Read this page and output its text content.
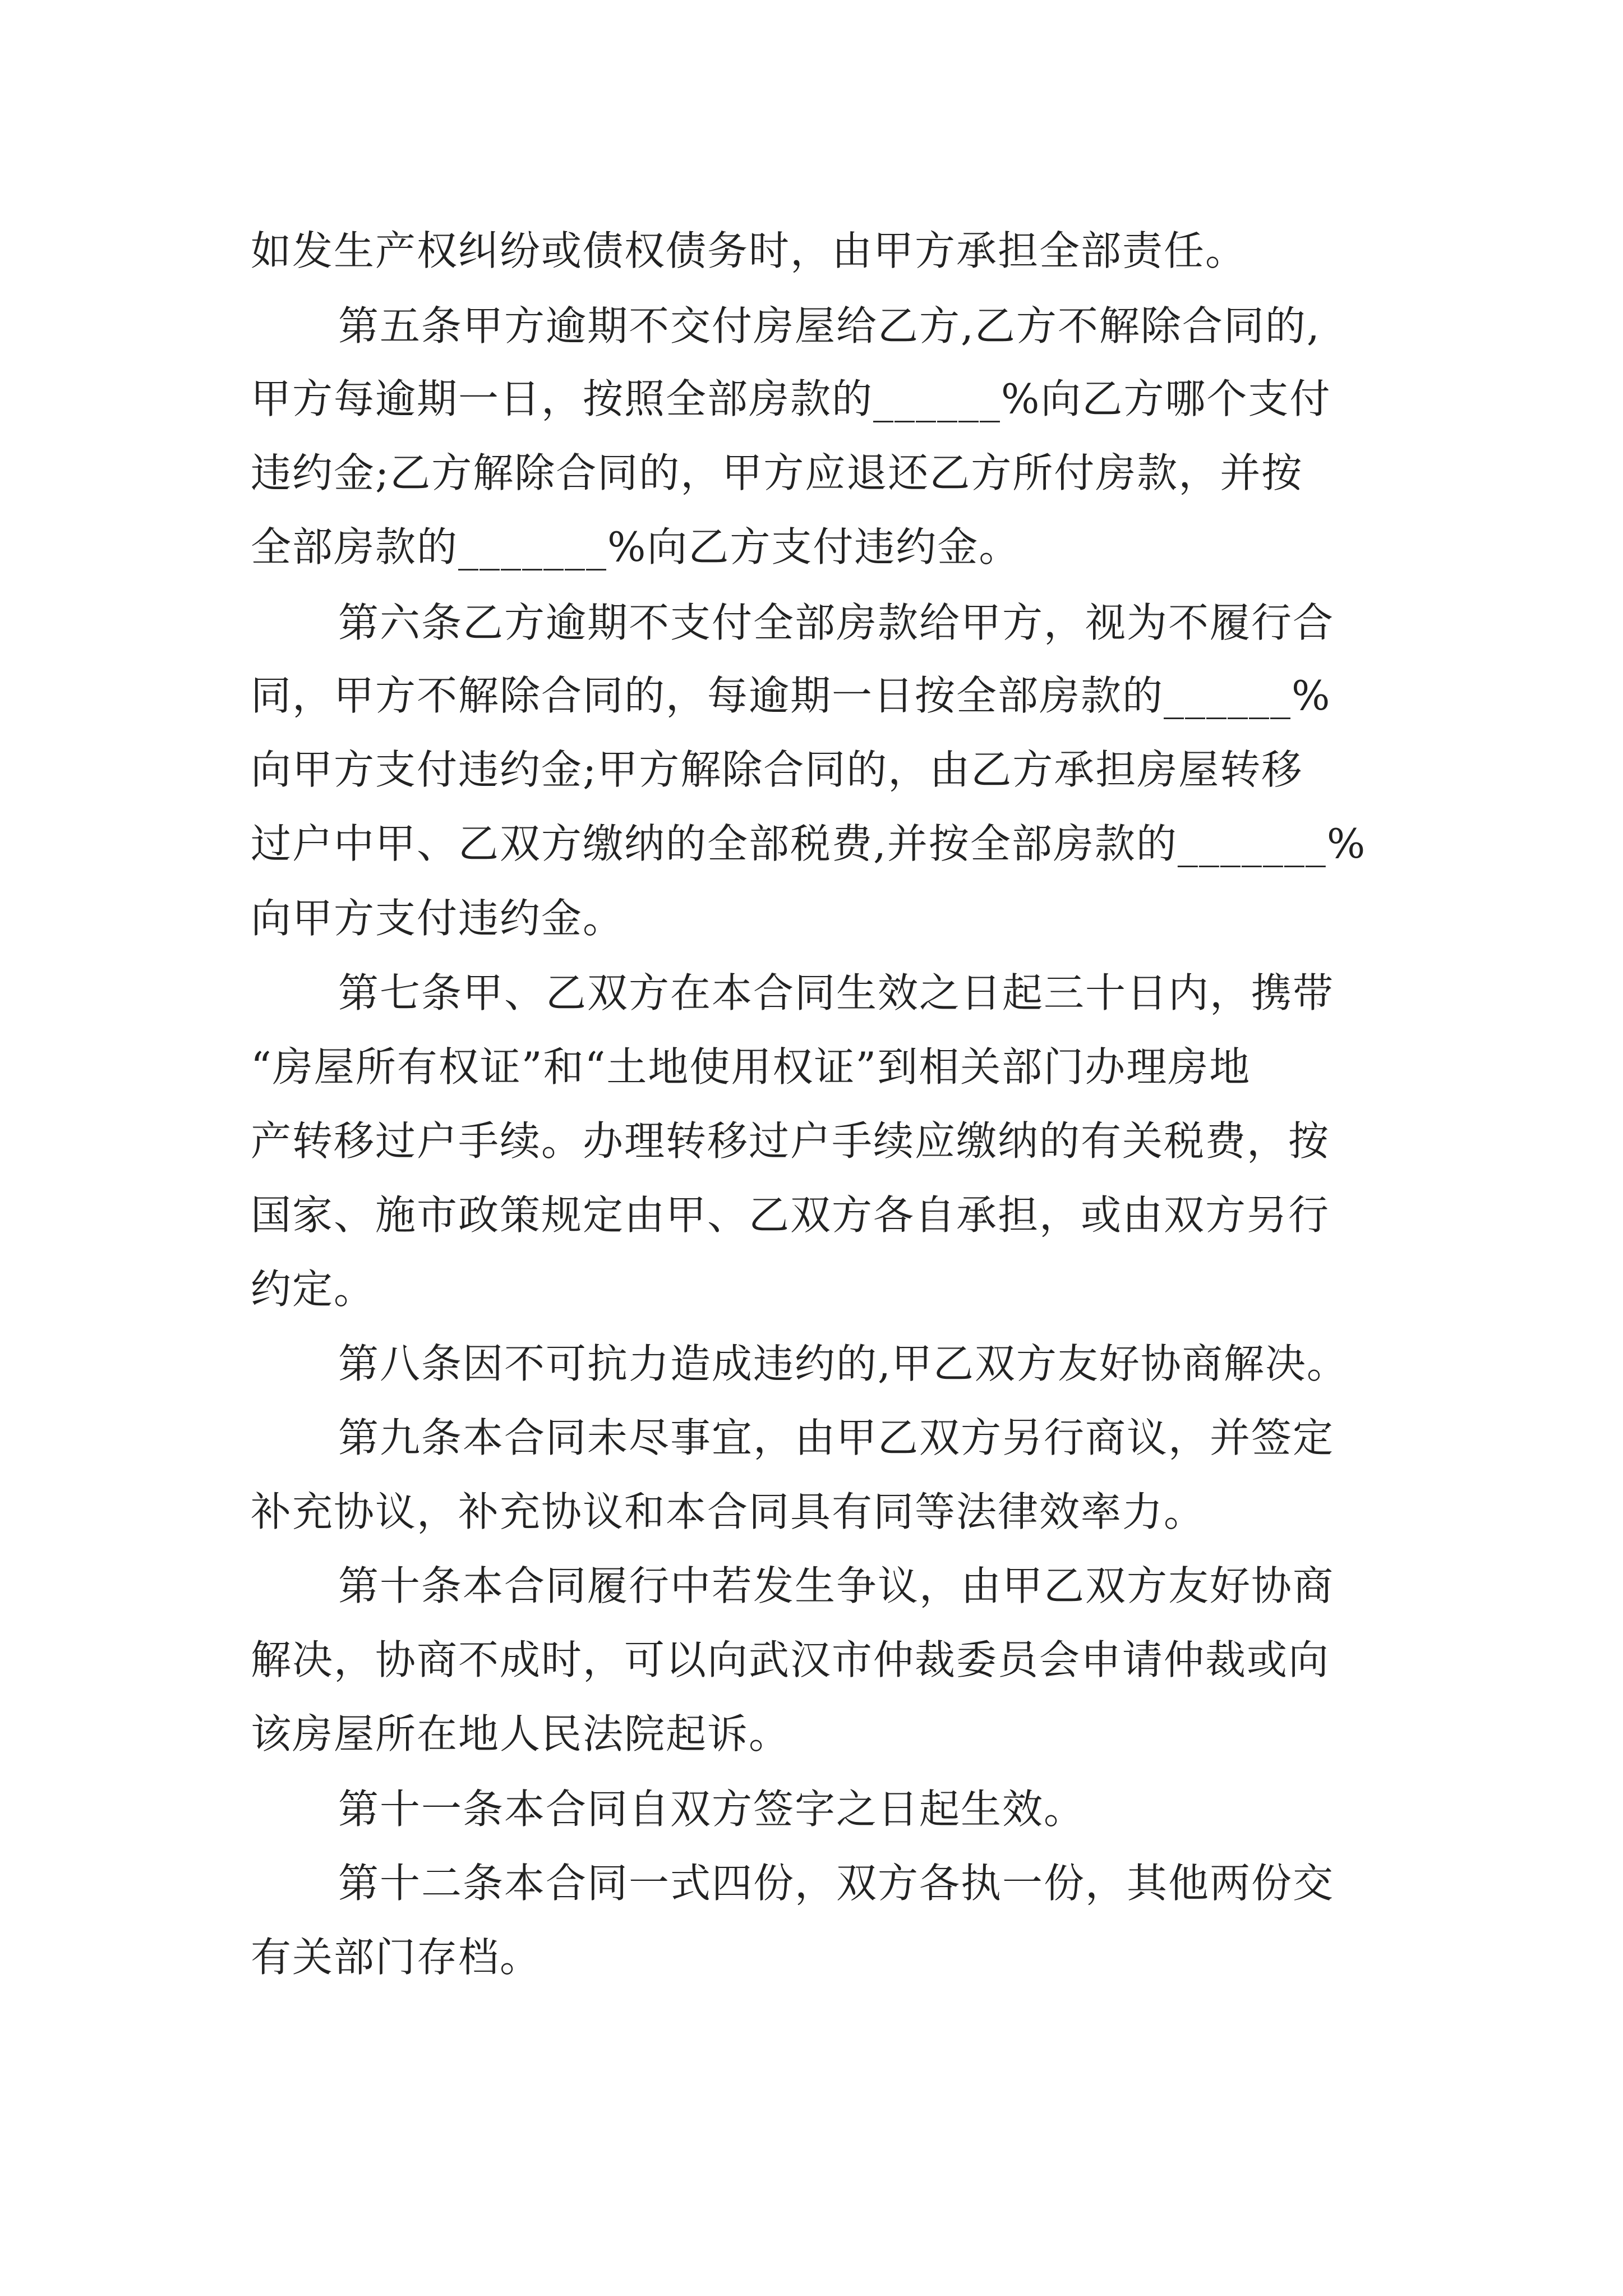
如发生产权纠纷或债权债务时，由甲方承担全部责任。
第五条甲方逾期不交付房屋给乙方,乙方不解除合同的,
甲方每逾期一日，按照全部房款的______%向乙方哪个支付
违约金;乙方解除合同的，甲方应退还乙方所付房款，并按
全部房款的_______%向乙方支付违约金。
第六条乙方逾期不支付全部房款给甲方，视为不履行合
同，甲方不解除合同的，每逾期一日按全部房款的______%
向甲方支付违约金;甲方解除合同的，由乙方承担房屋转移
过户中甲、乙双方缴纳的全部税费,并按全部房款的_______%
向甲方支付违约金。
第七条甲、乙双方在本合同生效之日起三十日内，携带
“房屋所有权证”和“土地使用权证”到相关部门办理房地
产转移过户手续。办理转移过户手续应缴纳的有关税费，按
国家、施市政策规定由甲、乙双方各自承担，或由双方另行
约定。
第八条因不可抗力造成违约的,甲乙双方友好协商解决。
第九条本合同未尽事宜，由甲乙双方另行商议，并签定
补充协议，补充协议和本合同具有同等法律效率力。
第十条本合同履行中若发生争议，由甲乙双方友好协商
解决，协商不成时，可以向武汉市仲裁委员会申请仲裁或向
该房屋所在地人民法院起诉。
第十一条本合同自双方签字之日起生效。
第十二条本合同一式四份，双方各执一份，其他两份交
有关部门存档。
